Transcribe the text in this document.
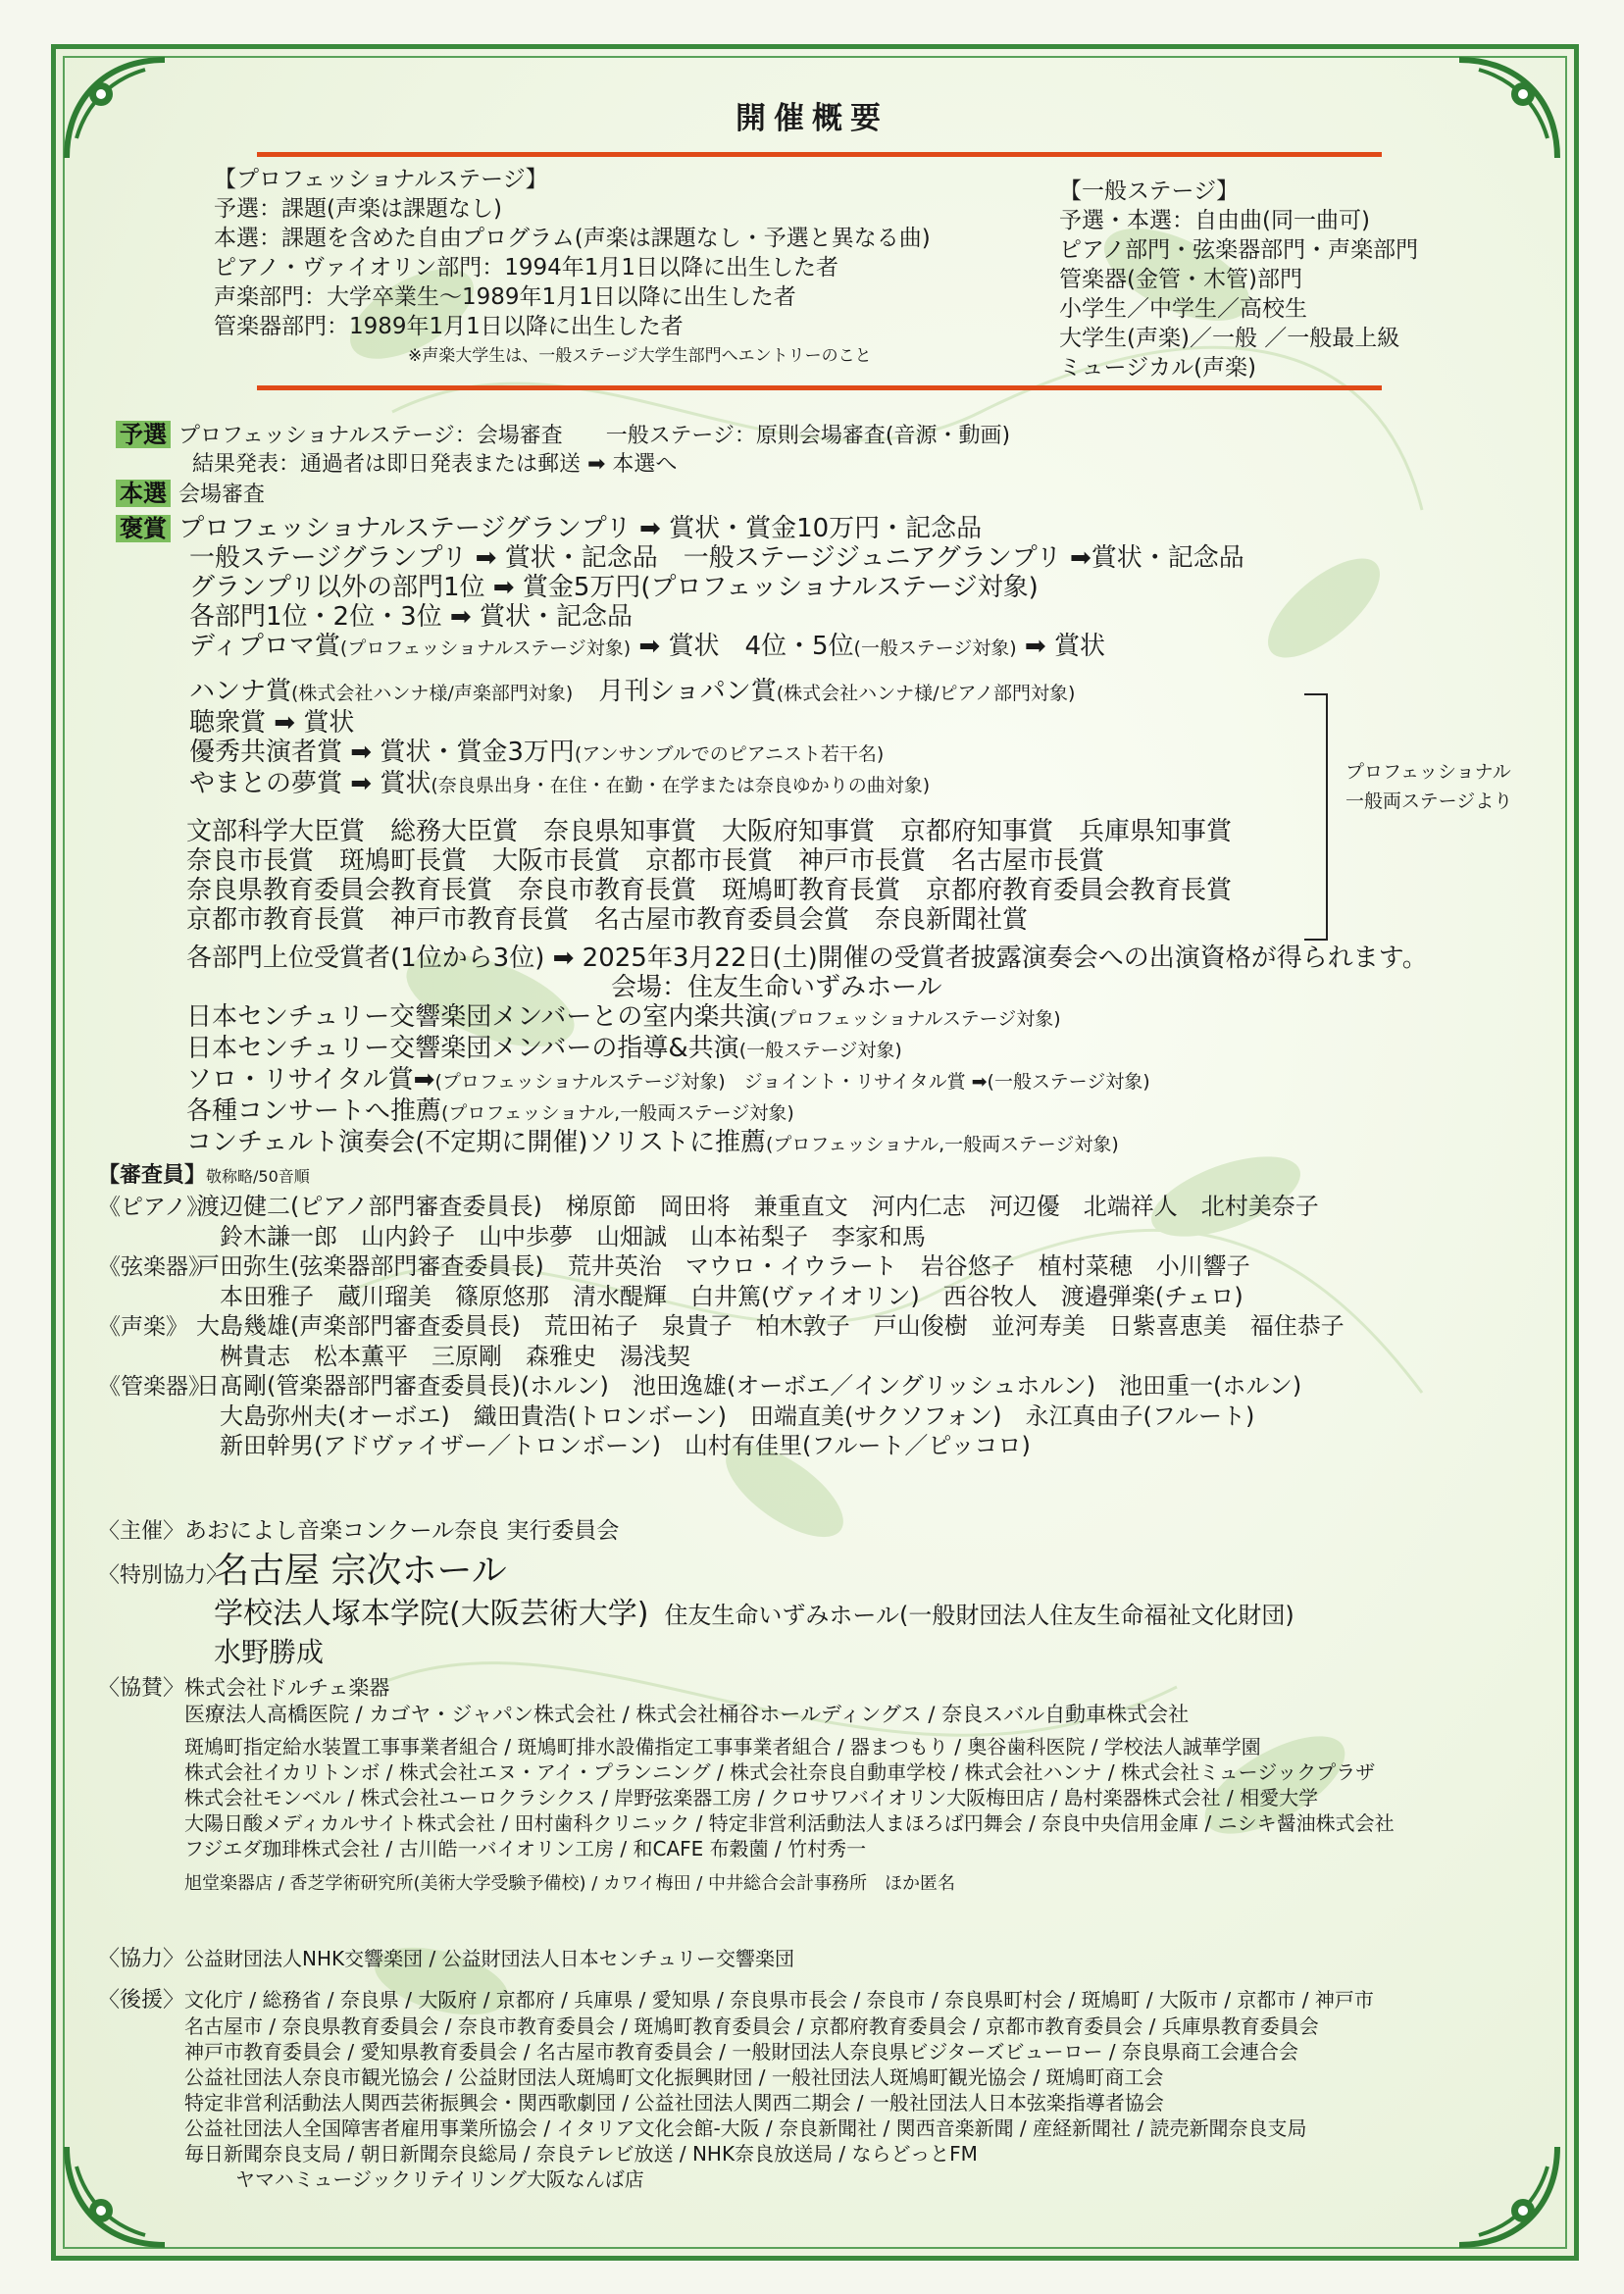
開催概要
【プロフェッショナルステージ】
予選：課題(声楽は課題なし)
本選：課題を含めた自由プログラム(声楽は課題なし・予選と異なる曲)
ピアノ・ヴァイオリン部門：1994年1月1日以降に出生した者
声楽部門：大学卒業生〜1989年1月1日以降に出生した者
管楽器部門：1989年1月1日以降に出生した者
※声楽大学生は、一般ステージ大学生部門へエントリーのこと
【一般ステージ】
予選・本選：自由曲(同一曲可)
ピアノ部門・弦楽器部門・声楽部門
管楽器(金管・木管)部門
小学生／中学生／高校生
大学生(声楽)／一般 ／一般最上級
ミュージカル(声楽)
予選 プロフェッショナルステージ：会場審査　　一般ステージ：原則会場審査(音源・動画)
結果発表：通過者は即日発表または郵送 ➡ 本選へ
本選 会場審査
褒賞 プロフェッショナルステージグランプリ ➡ 賞状・賞金10万円・記念品
一般ステージグランプリ ➡ 賞状・記念品　一般ステージジュニアグランプリ ➡賞状・記念品
グランプリ以外の部門1位 ➡ 賞金5万円(プロフェッショナルステージ対象)
各部門1位・2位・3位 ➡ 賞状・記念品
ディプロマ賞(プロフェッショナルステージ対象) ➡ 賞状　4位・5位(一般ステージ対象) ➡ 賞状
ハンナ賞(株式会社ハンナ様/声楽部門対象)　月刊ショパン賞(株式会社ハンナ様/ピアノ部門対象)
聴衆賞 ➡ 賞状
優秀共演者賞 ➡ 賞状・賞金3万円(アンサンブルでのピアニスト若干名)
やまとの夢賞 ➡ 賞状(奈良県出身・在住・在勤・在学または奈良ゆかりの曲対象)
文部科学大臣賞　総務大臣賞　奈良県知事賞　大阪府知事賞　京都府知事賞　兵庫県知事賞
奈良市長賞　斑鳩町長賞　大阪市長賞　京都市長賞　神戸市長賞　名古屋市長賞
奈良県教育委員会教育長賞　奈良市教育長賞　斑鳩町教育長賞　京都府教育委員会教育長賞
京都市教育長賞　神戸市教育長賞　名古屋市教育委員会賞　奈良新聞社賞
プロフェッショナル
一般両ステージより
各部門上位受賞者(1位から3位) ➡ 2025年3月22日(土)開催の受賞者披露演奏会への出演資格が得られます。
会場：住友生命いずみホール
日本センチュリー交響楽団メンバーとの室内楽共演(プロフェッショナルステージ対象)
日本センチュリー交響楽団メンバーの指導&共演(一般ステージ対象)
ソロ・リサイタル賞➡(プロフェッショナルステージ対象)　ジョイント・リサイタル賞 ➡(一般ステージ対象)
各種コンサートへ推薦(プロフェッショナル,一般両ステージ対象)
コンチェルト演奏会(不定期に開催)ソリストに推薦(プロフェッショナル,一般両ステージ対象)
【審査員】敬称略/50音順
《ピアノ》渡辺健二(ピアノ部門審査委員長)　梯原節　岡田将　兼重直文　河内仁志　河辺優　北端祥人　北村美奈子
鈴木謙一郎　山内鈴子　山中歩夢　山畑誠　山本祐梨子　李家和馬
《弦楽器》戸田弥生(弦楽器部門審査委員長)　荒井英治　マウロ・イウラート　岩谷悠子　植村菜穂　小川響子
本田雅子　蔵川瑠美　篠原悠那　清水醍輝　白井篤(ヴァイオリン)　西谷牧人　渡邉弾楽(チェロ)
《声楽》 大島幾雄(声楽部門審査委員長)　荒田祐子　泉貴子　柏木敦子　戸山俊樹　並河寿美　日紫喜恵美　福住恭子
桝貴志　松本薫平　三原剛　森雅史　湯浅契
《管楽器》日髙剛(管楽器部門審査委員長)(ホルン)　池田逸雄(オーボエ／イングリッシュホルン)　池田重一(ホルン)
大島弥州夫(オーボエ)　織田貴浩(トロンボーン)　田端直美(サクソフォン)　永江真由子(フルート)
新田幹男(アドヴァイザー／トロンボーン)　山村有佳里(フルート／ピッコロ)
〈主催〉あおによし音楽コンクール奈良 実行委員会
〈特別協力〉名古屋 宗次ホール
学校法人塚本学院(大阪芸術大学)　 住友生命いずみホール(一般財団法人住友生命福祉文化財団)
水野勝成
〈協賛〉株式会社ドルチェ楽器
医療法人高橋医院 / カゴヤ・ジャパン株式会社 / 株式会社桶谷ホールディングス / 奈良スバル自動車株式会社
斑鳩町指定給水装置工事事業者組合 / 斑鳩町排水設備指定工事事業者組合 / 器まつもり / 奥谷歯科医院 / 学校法人誠華学園
株式会社イカリトンボ / 株式会社エヌ・アイ・プランニング / 株式会社奈良自動車学校 / 株式会社ハンナ / 株式会社ミュージックプラザ
株式会社モンベル / 株式会社ユーロクラシクス / 岸野弦楽器工房 / クロサワバイオリン大阪梅田店 / 島村楽器株式会社 / 相愛大学
大陽日酸メディカルサイト株式会社 / 田村歯科クリニック / 特定非営利活動法人まほろば円舞会 / 奈良中央信用金庫 / ニシキ醤油株式会社
フジエダ珈琲株式会社 / 古川皓一バイオリン工房 / 和CAFE 布穀薗 / 竹村秀一
旭堂楽器店 / 香芝学術研究所(美術大学受験予備校) / カワイ梅田 / 中井総合会計事務所　ほか匿名
〈協力〉公益財団法人NHK交響楽団 / 公益財団法人日本センチュリー交響楽団
〈後援〉文化庁 / 総務省 / 奈良県 / 大阪府 / 京都府 / 兵庫県 / 愛知県 / 奈良県市長会 / 奈良市 / 奈良県町村会 / 斑鳩町 / 大阪市 / 京都市 / 神戸市
名古屋市 / 奈良県教育委員会 / 奈良市教育委員会 / 斑鳩町教育委員会 / 京都府教育委員会 / 京都市教育委員会 / 兵庫県教育委員会
神戸市教育委員会 / 愛知県教育委員会 / 名古屋市教育委員会 / 一般財団法人奈良県ビジターズビューロー / 奈良県商工会連合会
公益社団法人奈良市観光協会 / 公益財団法人斑鳩町文化振興財団 / 一般社団法人斑鳩町観光協会 / 斑鳩町商工会
特定非営利活動法人関西芸術振興会・関西歌劇団 / 公益社団法人関西二期会 / 一般社団法人日本弦楽指導者協会
公益社団法人全国障害者雇用事業所協会 / イタリア文化会館-大阪 / 奈良新聞社 / 関西音楽新聞 / 産経新聞社 / 読売新聞奈良支局
毎日新聞奈良支局 / 朝日新聞奈良総局 / 奈良テレビ放送 / NHK奈良放送局 / ならどっとFM
ヤマハミュージックリテイリング大阪なんば店
